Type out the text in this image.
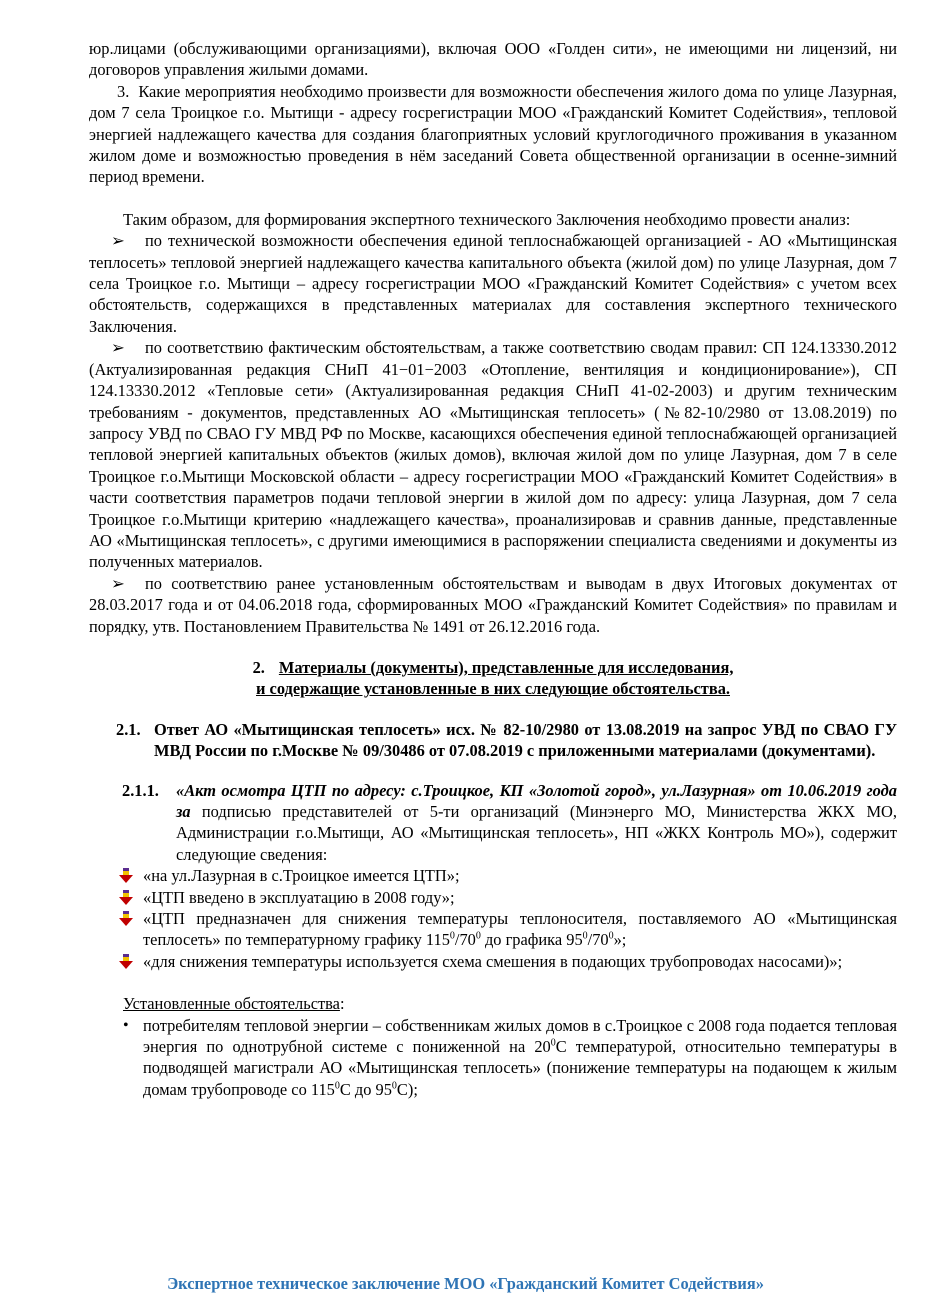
юр.лицами (обслуживающими организациями), включая ООО «Голден сити», не имеющими ни лицензий, ни договоров управления жилыми домами.

3. Какие мероприятия необходимо произвести для возможности обеспечения жилого дома по улице Лазурная, дом 7 села Троицкое г.о. Мытищи - адресу госрегистрации МОО «Гражданский Комитет Содействия», тепловой энергией надлежащего качества для создания благоприятных условий круглогодичного проживания в указанном жилом доме и возможностью проведения в нём заседаний Совета общественной организации в осенне-зимний период времени.

Таким образом, для формирования экспертного технического Заключения необходимо провести анализ:

➢ по технической возможности обеспечения единой теплоснабжающей организацией - АО «Мытищинская теплосеть» тепловой энергией надлежащего качества капитального объекта (жилой дом) по улице Лазурная, дом 7 села Троицкое г.о. Мытищи – адресу госрегистрации МОО «Гражданский Комитет Содействия» с учетом всех обстоятельств, содержащихся в представленных материалах для составления экспертного технического Заключения.

➢ по соответствию фактическим обстоятельствам, а также соответствию сводам правил: СП 124.13330.2012 (Актуализированная редакция СНиП 41−01−2003 «Отопление, вентиляция и кондиционирование»), СП 124.13330.2012 «Тепловые сети» (Актуализированная редакция СНиП 41-02-2003) и другим техническим требованиям - документов, представленных АО «Мытищинская теплосеть» (№82-10/2980 от 13.08.2019) по запросу УВД по СВАО ГУ МВД РФ по Москве, касающихся обеспечения единой теплоснабжающей организацией тепловой энергией капитальных объектов (жилых домов), включая жилой дом по улице Лазурная, дом 7 в селе Троицкое г.о.Мытищи Московской области – адресу госрегистрации МОО «Гражданский Комитет Содействия» в части соответствия параметров подачи тепловой энергии в жилой дом по адресу: улица Лазурная, дом 7 села Троицкое г.о.Мытищи критерию «надлежащего качества», проанализировав и сравнив данные, представленные АО «Мытищинская теплосеть», с другими имеющимися в распоряжении специалиста сведениями и документы из полученных материалов.

➢ по соответствию ранее установленным обстоятельствам и выводам в двух Итоговых документах от 28.03.2017 года и от 04.06.2018 года, сформированных МОО «Гражданский Комитет Содействия» по правилам и порядку, утв. Постановлением Правительства № 1491 от 26.12.2016 года.

2. Материалы (документы), представленные для исследования,
и содержащие установленные в них следующие обстоятельства.
2.1. Ответ АО «Мытищинская теплосеть» исх. № 82-10/2980 от 13.08.2019 на запрос УВД по СВАО ГУ МВД России по г.Москве № 09/30486 от 07.08.2019 с приложенными материалами (документами).
2.1.1.	«Акт осмотра ЦТП по адресу: с.Троицкое, КП «Золотой город», ул.Лазурная» от 10.06.2019 года за подписью представителей от 5-ти организаций (Минэнерго МО, Министерства ЖКХ МО, Администрации г.о.Мытищи, АО «Мытищинская теплосеть», НП «ЖКХ Контроль МО»), содержит следующие сведения:
«на ул.Лазурная в с.Троицкое имеется ЦТП»;
«ЦТП введено в эксплуатацию в 2008 году»;
«ЦТП предназначен для снижения температуры теплоносителя, поставляемого АО «Мытищинская теплосеть» по температурному графику $115^0/70^0$ до графика $95^0/70^0$»;
«для снижения температуры используется схема смешения в подающих трубопроводах насосами)»;
Установленные обстоятельства:
•
потребителям тепловой энергии – собственникам жилых домов в с.Троицкое с 2008 года подается тепловая энергия по однотрубной системе с пониженной на $20^0С$ температурой, относительно температуры в подводящей магистрали АО «Мытищинская теплосеть» (понижение температуры на подающем к жилым домам трубопроводе со $115^0С$ до $95^0С$);
Экспертное техническое заключение МОО «Гражданский Комитет Содействия»
